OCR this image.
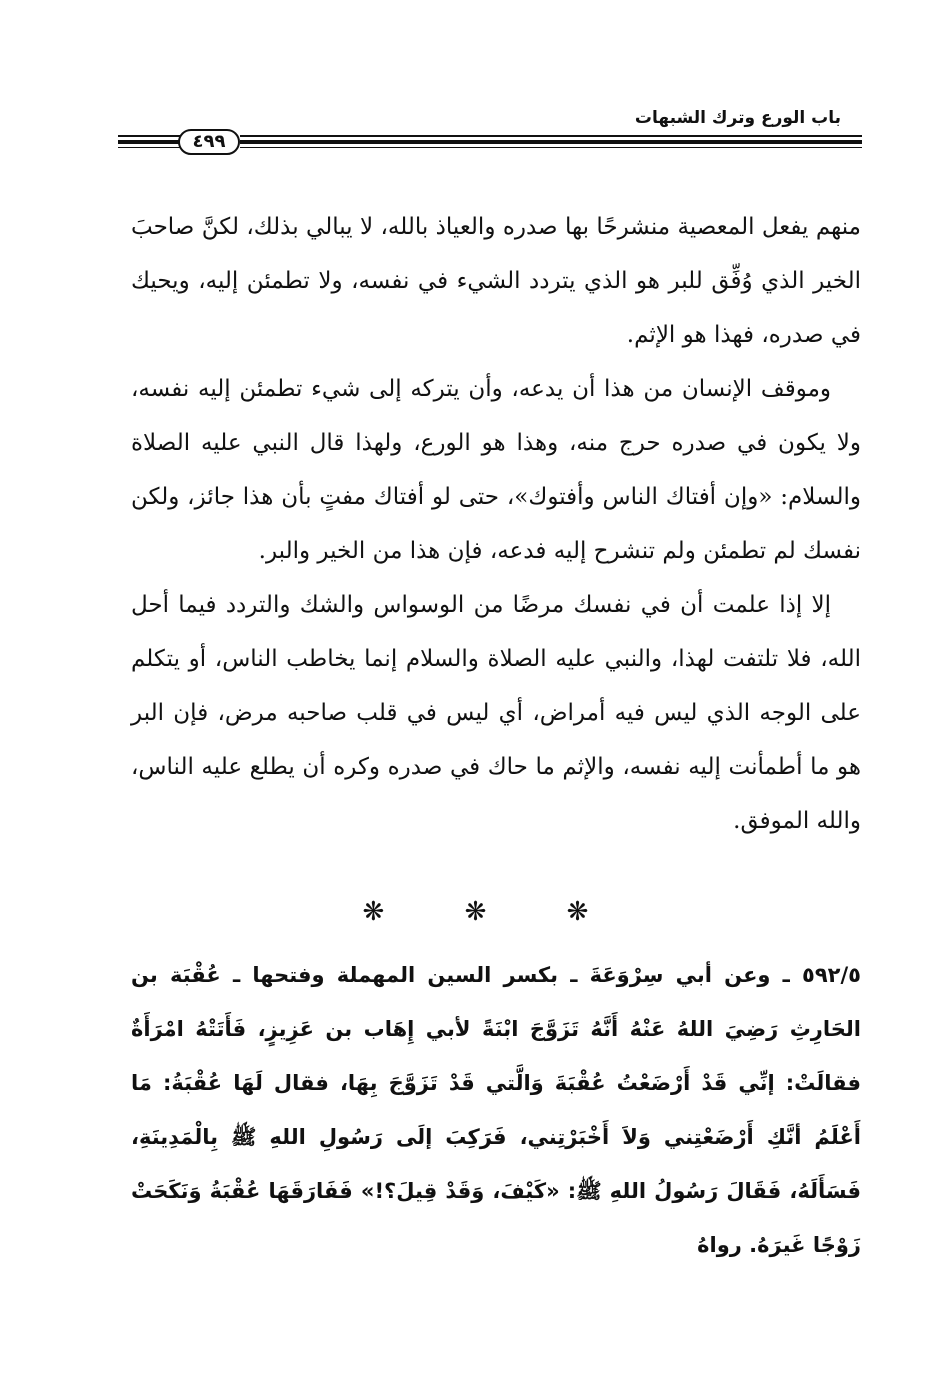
باب الورع وترك الشبهات
٤٩٩

منهم يفعل المعصية منشرحًا بها صدره والعياذ بالله، لا يبالي بذلك، لكنَّ صاحبَ الخير الذي وُفِّق للبر هو الذي يتردد الشيء في نفسه، ولا تطمئن إليه، ويحيك في صدره، فهذا هو الإثم.

وموقف الإنسان من هذا أن يدعه، وأن يتركه إلى شيء تطمئن إليه نفسه، ولا يكون في صدره حرج منه، وهذا هو الورع، ولهذا قال النبي عليه الصلاة والسلام: «وإن أفتاك الناس وأفتوك»، حتى لو أفتاك مفتٍ بأن هذا جائز، ولكن نفسك لم تطمئن ولم تنشرح إليه فدعه، فإن هذا من الخير والبر.

إلا إذا علمت أن في نفسك مرضًا من الوسواس والشك والتردد فيما أحل الله، فلا تلتفت لهذا، والنبي عليه الصلاة والسلام إنما يخاطب الناس، أو يتكلم على الوجه الذي ليس فيه أمراض، أي ليس في قلب صاحبه مرض، فإن البر هو ما أطمأنت إليه نفسه، والإثم ما حاك في صدره وكره أن يطلع عليه الناس، والله الموفق.

❋ ❋ ❋

٥٩٢/٥ ـ وعن أبي سِرْوَعَةَ ـ بكسر السين المهملة وفتحها ـ عُقْبَة بن الحَارِثِ رَضِيَ اللهُ عَنْهُ أَنَّهُ تَزَوَّجَ ابْنَةً لأبي إِهَاب بن عَزِيزٍ، فَأَتَتْهُ امْرَأَةٌ فقالَتْ: إنِّي قَدْ أَرْضَعْتُ عُقْبَةَ وَالَّتي قَدْ تَزَوَّجَ بِهَا، فقال لَهَا عُقْبَةُ: مَا أَعْلَمُ أنَّكِ أَرْضَعْتِني وَلاَ أَخْبَرْتِني، فَرَكِبَ إلَى رَسُولِ اللهِ ﷺ بِالْمَدِينَةِ، فَسَأَلَهُ، فَقَالَ رَسُولُ اللهِ ﷺ: «كَيْفَ، وَقَدْ قِيلَ؟!» فَفَارَقَهَا عُقْبَةُ وَنَكَحَتْ زَوْجًا غَيرَهُ. رواهُ
